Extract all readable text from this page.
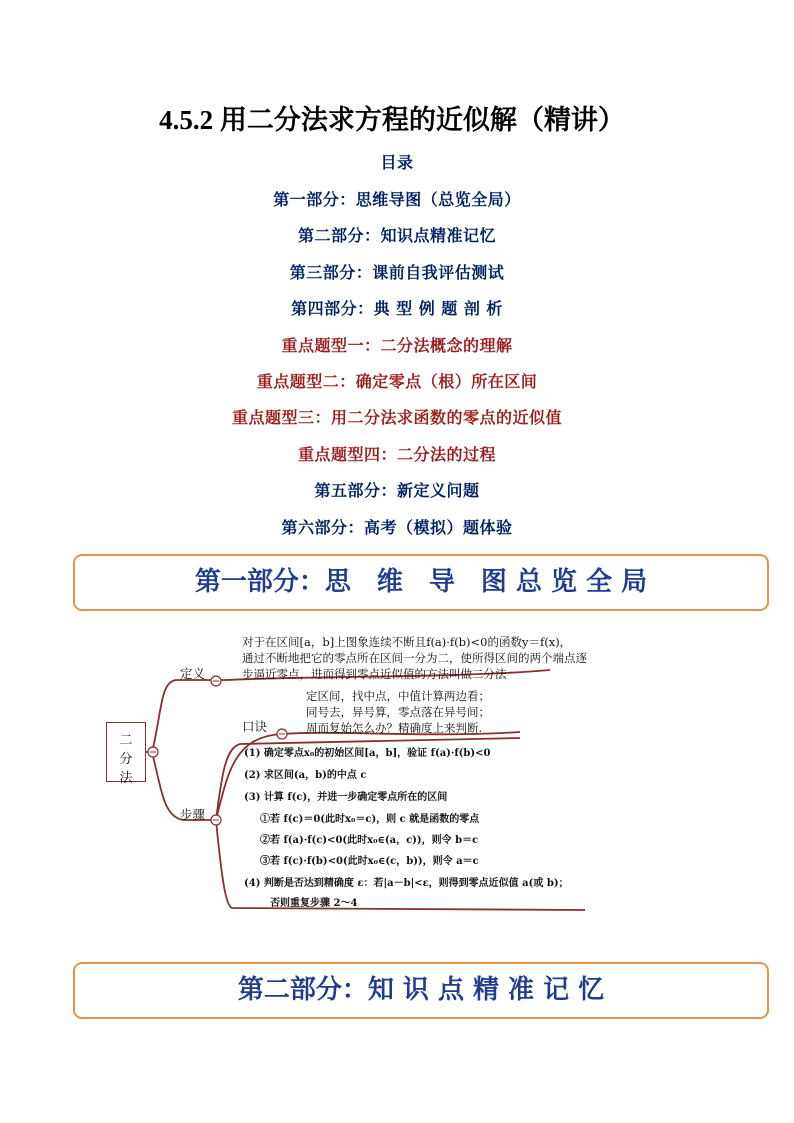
4.5.2 用二分法求方程的近似解（精讲）
目录
第一部分：思维导图（总览全局）
第二部分：知识点精准记忆
第三部分：课前自我评估测试
第四部分：典 型 例 题 剖 析
重点题型一：二分法概念的理解
重点题型二：确定零点（根）所在区间
重点题型三：用二分法求函数的零点的近似值
重点题型四：二分法的过程
第五部分：新定义问题
第六部分：高考（模拟）题体验
第一部分：思　维　导　图 总 览 全 局
二
分
法
定义
对于在区间[a，b]上图象连续不断且f(a)·f(b)<0的函数y＝f(x)，
通过不断地把它的零点所在区间一分为二，使所得区间的两个端点逐
步逼近零点，进而得到零点近似值的方法叫做二分法
口诀
定区间，找中点，中值计算两边看；
同号去，异号算，零点落在异号间；
周而复始怎么办？精确度上来判断.
步骤
(1) 确定零点x₀的初始区间[a，b]，验证 f(a)·f(b)<0
(2) 求区间(a，b)的中点 c
(3) 计算 f(c)，并进一步确定零点所在的区间
①若 f(c)＝0(此时x₀＝c)，则 c 就是函数的零点
②若 f(a)·f(c)<0(此时x₀∈(a，c))，则令 b＝c
③若 f(c)·f(b)<0(此时x₀∈(c，b))，则令 a＝c
(4) 判断是否达到精确度 ε：若|a－b|<ε，则得到零点近似值 a(或 b)；
否则重复步骤 2～4
第二部分：知 识 点 精 准 记 忆
